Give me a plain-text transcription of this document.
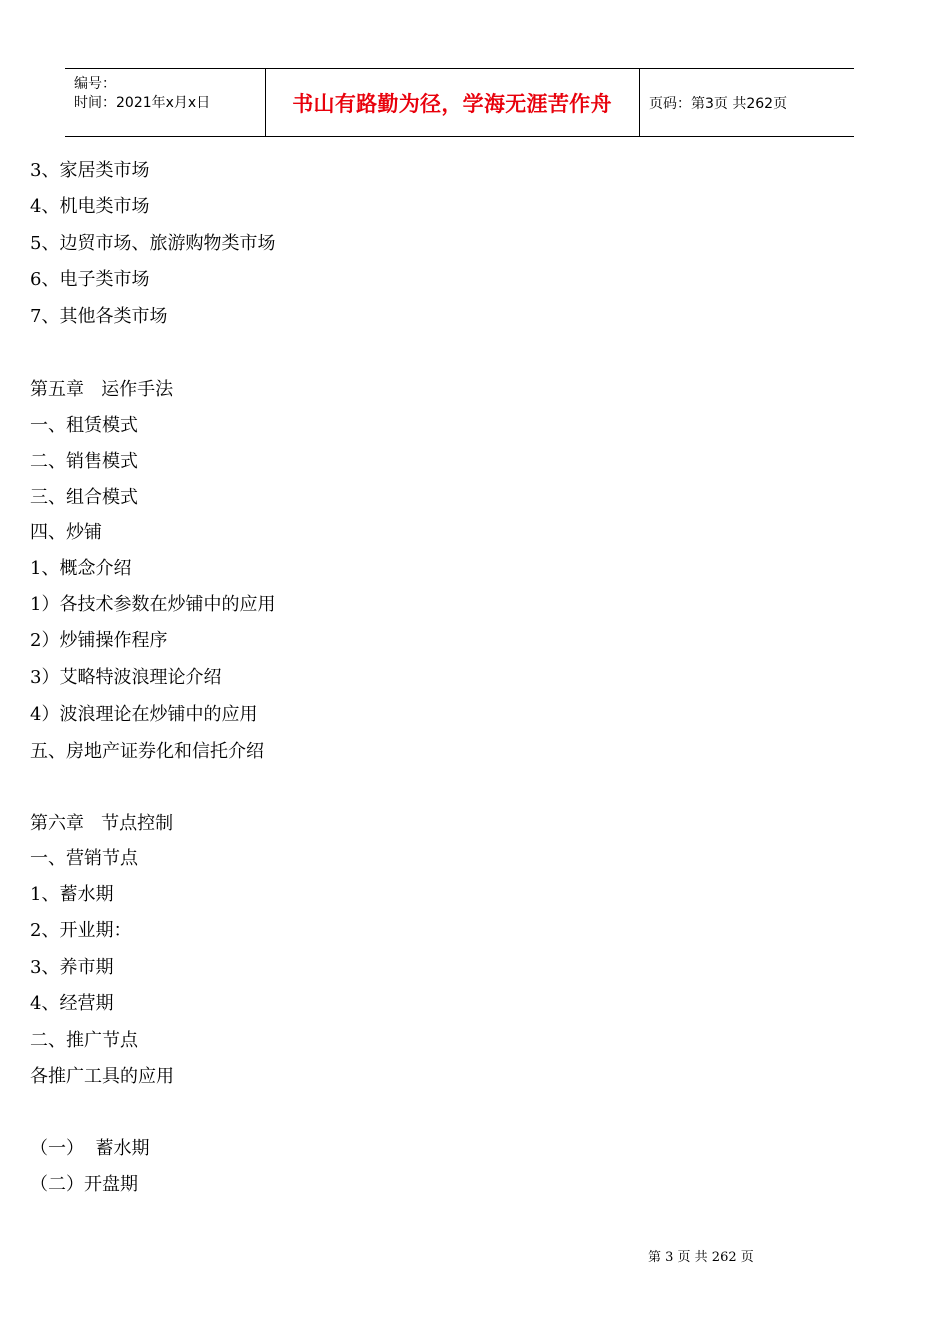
编号：
时间：2021年x月x日	书山有路勤为径，学海无涯苦作舟	页码：第3页 共262页
3、家居类市场
4、机电类市场
5、边贸市场、旅游购物类市场
6、电子类市场
7、其他各类市场
第五章   运作手法
一、租赁模式
二、销售模式
三、组合模式
四、炒铺
1、概念介绍
1）各技术参数在炒铺中的应用
2）炒铺操作程序
3）艾略特波浪理论介绍
4）波浪理论在炒铺中的应用
五、房地产证券化和信托介绍
第六章   节点控制
一、营销节点
1、蓄水期
2、开业期：
3、养市期
4、经营期
二、推广节点
各推广工具的应用
（一）  蓄水期
（二）开盘期
第 3 页 共 262 页
